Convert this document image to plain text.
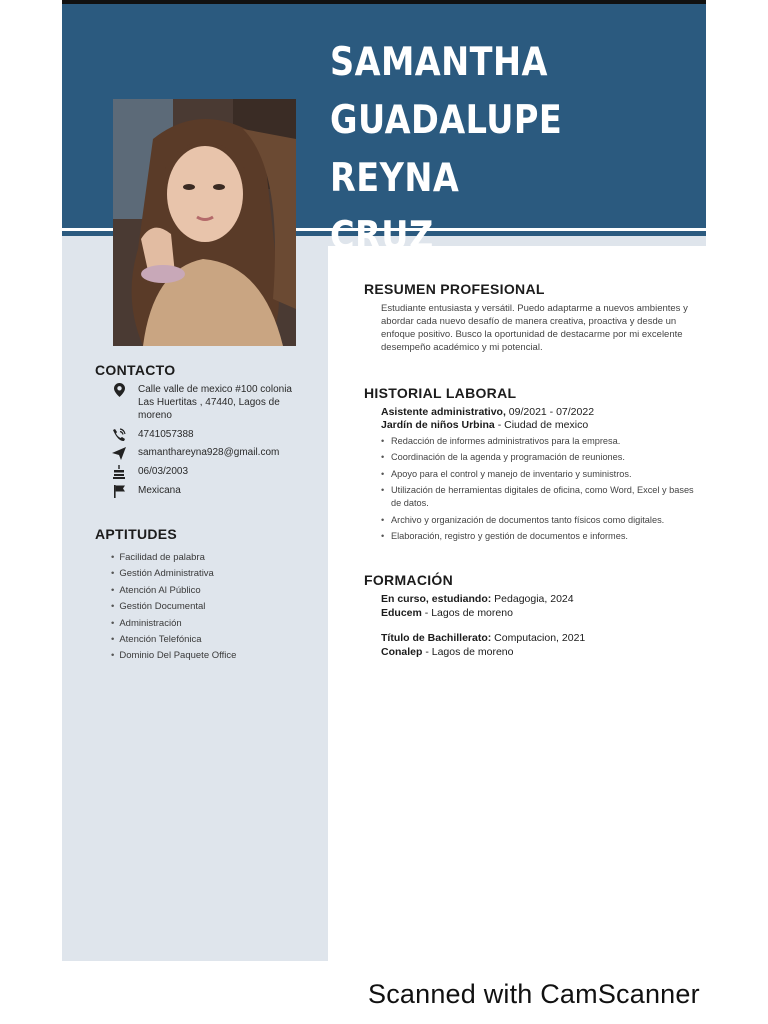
SAMANTHA
GUADALUPE REYNA
CRUZ
CONTACTO
Calle valle de mexico #100 colonia Las Huertitas , 47440, Lagos de moreno
4741057388
samanthareyna928@gmail.com
06/03/2003
Mexicana
APTITUDES
• Facilidad de palabra
• Gestión Administrativa
• Atención Al Público
• Gestión Documental
• Administración
• Atención Telefónica
• Dominio Del Paquete Office
RESUMEN PROFESIONAL

Estudiante entusiasta y versátil. Puedo adaptarme a nuevos ambientes y abordar cada nuevo desafío de manera creativa, proactiva y desde un enfoque positivo. Busco la oportunidad de destacarme por mi excelente desempeño académico y mi potencial.

HISTORIAL LABORAL
Asistente administrativo, 09/2021 - 07/2022
Jardín de niños Urbina - Ciudad de mexico
• Redacción de informes administrativos para la empresa.
• Coordinación de la agenda y programación de reuniones.
• Apoyo para el control y manejo de inventario y suministros.
• Utilización de herramientas digitales de oficina, como Word, Excel y bases de datos.
• Archivo y organización de documentos tanto físicos como digitales.
• Elaboración, registro y gestión de documentos e informes.
FORMACIÓN
En curso, estudiando: Pedagogia, 2024
Educem - Lagos de moreno
Título de Bachillerato: Computacion, 2021
Conalep - Lagos de moreno
Scanned with CamScanner
